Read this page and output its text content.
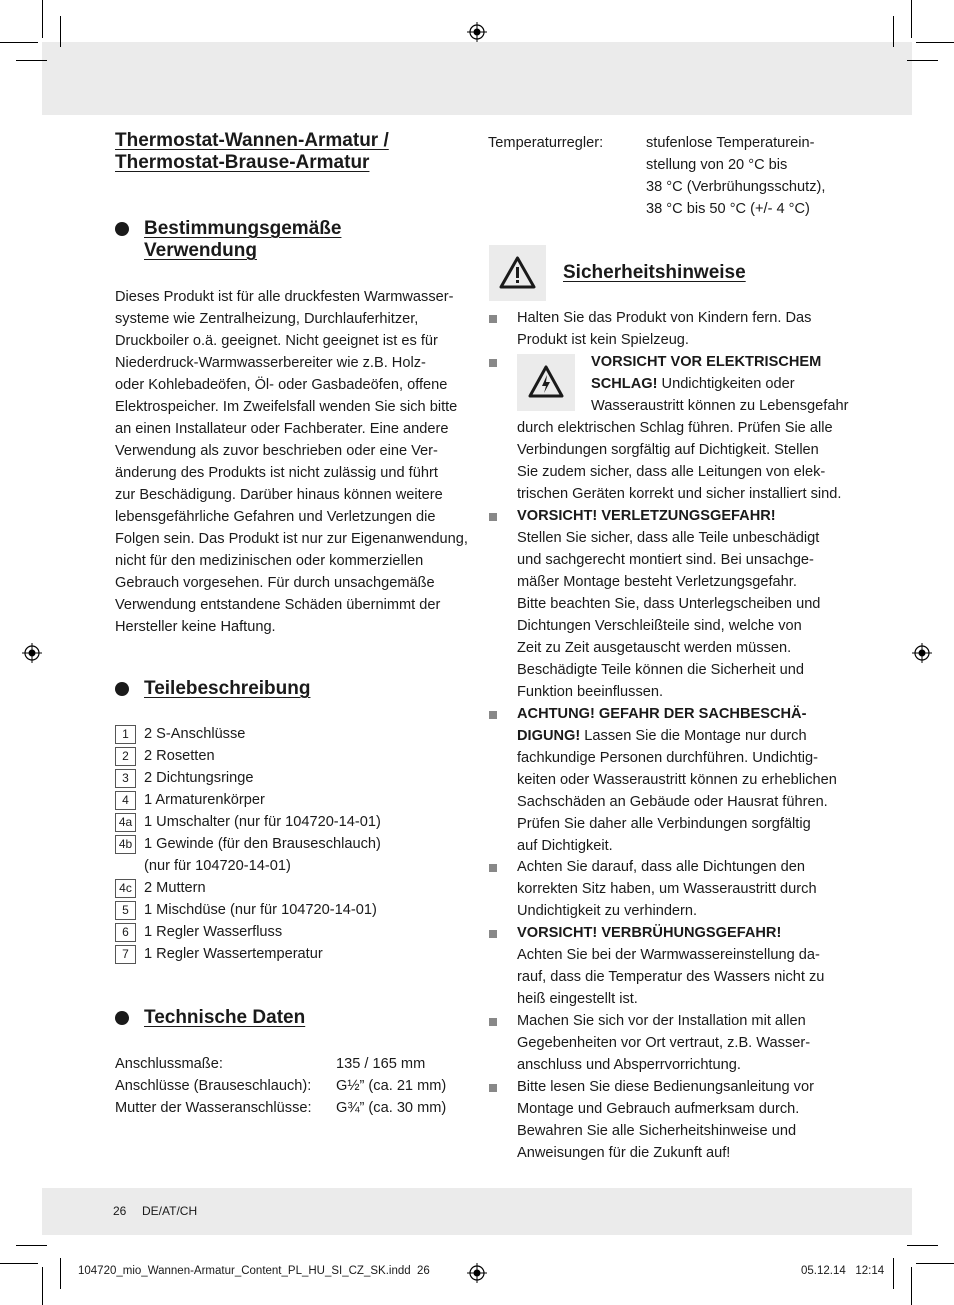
Thermostat-Wannen-Armatur /
Thermostat-Brause-Armatur
Bestimmungsgemäße
Verwendung
Dieses Produkt ist für alle druckfesten Warmwasser-
systeme wie Zentralheizung, Durchlauferhitzer,
Druckboiler o.ä. geeignet. Nicht geeignet ist es für
Niederdruck-Warmwasserbereiter wie z.B. Holz-
oder Kohlebadeöfen, Öl- oder Gasbadeöfen, offene
Elektrospeicher. Im Zweifelsfall wenden Sie sich bitte
an einen Installateur oder Fachberater. Eine andere
Verwendung als zuvor beschrieben oder eine Ver-
änderung des Produkts ist nicht zulässig und führt
zur Beschädigung. Darüber hinaus können weitere
lebensgefährliche Gefahren und Verletzungen die
Folgen sein. Das Produkt ist nur zur Eigenanwendung,
nicht für den medizinischen oder kommerziellen
Gebrauch vorgesehen. Für durch unsachgemäße
Verwendung entstandene Schäden übernimmt der
Hersteller keine Haftung.
Teilebeschreibung
1	2 S-Anschlüsse
2	2 Rosetten
3	2 Dichtungsringe
4	1 Armaturenkörper
4a 1 Umschalter (nur für 104720-14-01)
4b 1 Gewinde (für den Brauseschlauch)
(nur für 104720-14-01)
4c 2 Muttern
5	1 Mischdüse (nur für 104720-14-01)
6	1 Regler Wasserfluss
7	1 Regler Wassertemperatur
Technische Daten
Anschlussmaße:	135 / 165 mm
Anschlüsse (Brauseschlauch): G½” (ca. 21 mm)
Mutter der Wasseranschlüsse: G¾” (ca. 30 mm)
Temperaturregler:	stufenlose Temperaturein-
stellung von 20 °C bis
38 °C (Verbrühungsschutz),
38 °C bis 50 °C (+/- 4 °C)
Sicherheitshinweise
Halten Sie das Produkt von Kindern fern. Das
Produkt ist kein Spielzeug.
VORSICHT VOR ELEKTRISCHEM
SCHLAG! Undichtigkeiten oder
Wasseraustritt können zu Lebensgefahr
durch elektrischen Schlag führen. Prüfen Sie alle
Verbindungen sorgfältig auf Dichtigkeit. Stellen
Sie zudem sicher, dass alle Leitungen von elek-
trischen Geräten korrekt und sicher installiert sind.
VORSICHT! VERLETZUNGSGEFAHR!
Stellen Sie sicher, dass alle Teile unbeschädigt
und sachgerecht montiert sind. Bei unsachge-
mäßer Montage besteht Verletzungsgefahr.
Bitte beachten Sie, dass Unterlegscheiben und
Dichtungen Verschleißteile sind, welche von
Zeit zu Zeit ausgetauscht werden müssen.
Beschädigte Teile können die Sicherheit und
Funktion beeinflussen.
ACHTUNG! GEFAHR DER SACHBESCHÄ-
DIGUNG! Lassen Sie die Montage nur durch
fachkundige Personen durchführen. Undichtig-
keiten oder Wasseraustritt können zu erheblichen
Sachschäden an Gebäude oder Hausrat führen.
Prüfen Sie daher alle Verbindungen sorgfältig
auf Dichtigkeit.
Achten Sie darauf, dass alle Dichtungen den
korrekten Sitz haben, um Wasseraustritt durch
Undichtigkeit zu verhindern.
VORSICHT! VERBRÜHUNGSGEFAHR!
Achten Sie bei der Warmwassereinstellung da-
rauf, dass die Temperatur des Wassers nicht zu
heiß eingestellt ist.
Machen Sie sich vor der Installation mit allen
Gegebenheiten vor Ort vertraut, z.B. Wasser-
anschluss und Absperrvorrichtung.
Bitte lesen Sie diese Bedienungsanleitung vor
Montage und Gebrauch aufmerksam durch.
Bewahren Sie alle Sicherheitshinweise und
Anweisungen für die Zukunft auf!
26 DE/AT/CH
104720_mio_Wannen-Armatur_Content_PL_HU_SI_CZ_SK.indd 26	05.12.14 12:14
